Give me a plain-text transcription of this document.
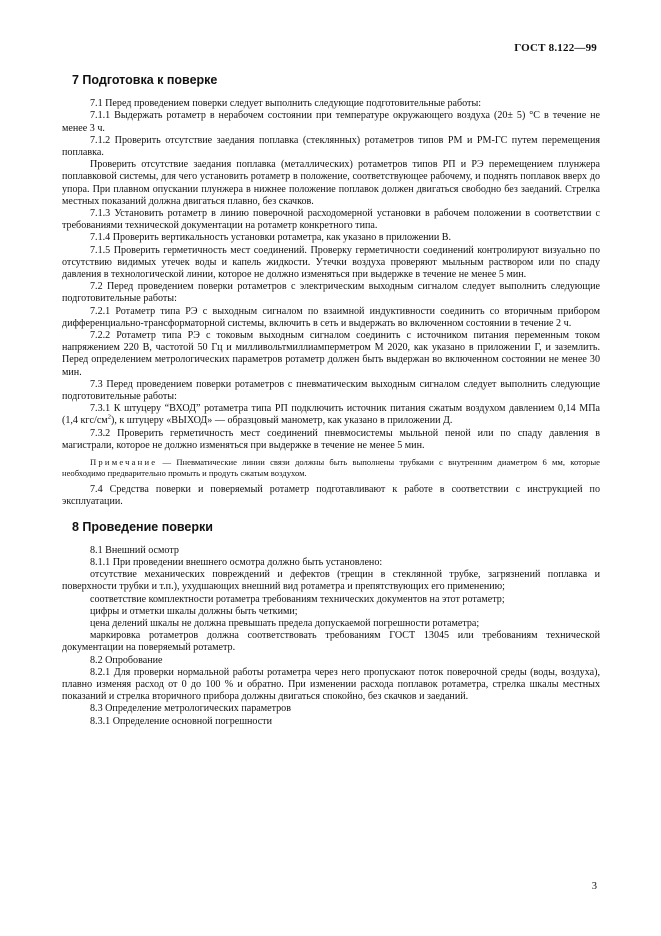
ГОСТ 8.122—99
7 Подготовка к поверке

7.1 Перед проведением поверки следует выполнить следующие подготовительные работы:

7.1.1 Выдержать ротаметр в нерабочем состоянии при температуре окружающего воздуха (20± 5) °С в течение не менее 3 ч.

7.1.2 Проверить отсутствие заедания поплавка (стеклянных) ротаметров типов РМ и РМ-ГС путем перемещения поплавка.

Проверить отсутствие заедания поплавка (металлических) ротаметров типов РП и РЭ перемещением плунжера поплавковой системы, для чего установить ротаметр в положение, соответствующее рабочему, и поднять поплавок вверх до упора. При плавном опускании плунжера в нижнее положение поплавок должен двигаться свободно без заеданий. Стрелка местных показаний должна двигаться плавно, без скачков.

7.1.3 Установить ротаметр в линию поверочной расходомерной установки в рабочем положении в соответствии с требованиями технической документации на ротаметр конкретного типа.

7.1.4 Проверить вертикальность установки ротаметра, как указано в приложении В.

7.1.5 Проверить герметичность мест соединений. Проверку герметичности соединений контролируют визуально по отсутствию видимых утечек воды и капель жидкости. Утечки воздуха проверяют мыльным раствором или по спаду давления в технологической линии, которое не должно изменяться при выдержке в течение не менее 5 мин.

7.2 Перед проведением поверки ротаметров с электрическим выходным сигналом следует выполнить следующие подготовительные работы:

7.2.1 Ротаметр типа РЭ с выходным сигналом по взаимной индуктивности соединить со вторичным прибором дифференциально-трансформаторной системы, включить в сеть и выдержать во включенном состоянии в течение 2 ч.

7.2.2 Ротаметр типа РЭ с токовым выходным сигналом соединить с источником питания переменным током напряжением 220 В, частотой 50 Гц и милливольтмиллиамперметром М 2020, как указано в приложении Г, и заземлить. Перед определением метрологических параметров ротаметр должен быть выдержан во включенном состоянии не менее 30 мин.

7.3 Перед проведением поверки ротаметров с пневматическим выходным сигналом следует выполнить следующие подготовительные работы:

7.3.1 К штуцеру “ВХОД” ротаметра типа РП подключить источник питания сжатым воздухом давлением 0,14 МПа (1,4 кгс/$см^2$), к штуцеру «ВЫХОД» — образцовый манометр, как указано в приложении Д.

7.3.2 Проверить герметичность мест соединений пневмосистемы мыльной пеной или по спаду давления в магистрали, которое не должно изменяться при выдержке в течение не менее 5 мин.

Примечание — Пневматические линии связи должны быть выполнены трубками с внутренним диаметром 6 мм, которые необходимо предварительно промыть и продуть сжатым воздухом.

7.4 Средства поверки и поверяемый ротаметр подготавливают к работе в соответствии с инструкцией по эксплуатации.

8 Проведение поверки

8.1 Внешний осмотр

8.1.1 При проведении внешнего осмотра должно быть установлено:

отсутствие механических повреждений и дефектов (трещин в стеклянной трубке, загрязнений поплавка и поверхности трубки и т.п.), ухудшающих внешний вид ротаметра и препятствующих его применению;

соответствие комплектности ротаметра требованиям технических документов на этот ротаметр;

цифры и отметки шкалы должны быть четкими;

цена делений шкалы не должна превышать предела допускаемой погрешности ротаметра;

маркировка ротаметров должна соответствовать требованиям ГОСТ 13045 или требованиям технической документации на поверяемый ротаметр.

8.2 Опробование

8.2.1 Для проверки нормальной работы ротаметра через него пропускают поток поверочной среды (воды, воздуха), плавно изменяя расход от 0 до 100 % и обратно. При изменении расхода поплавок ротаметра, стрелка шкалы местных показаний и стрелка вторичного прибора должны двигаться спокойно, без скачков и заеданий.

8.3 Определение метрологических параметров

8.3.1 Определение основной погрешности

3
